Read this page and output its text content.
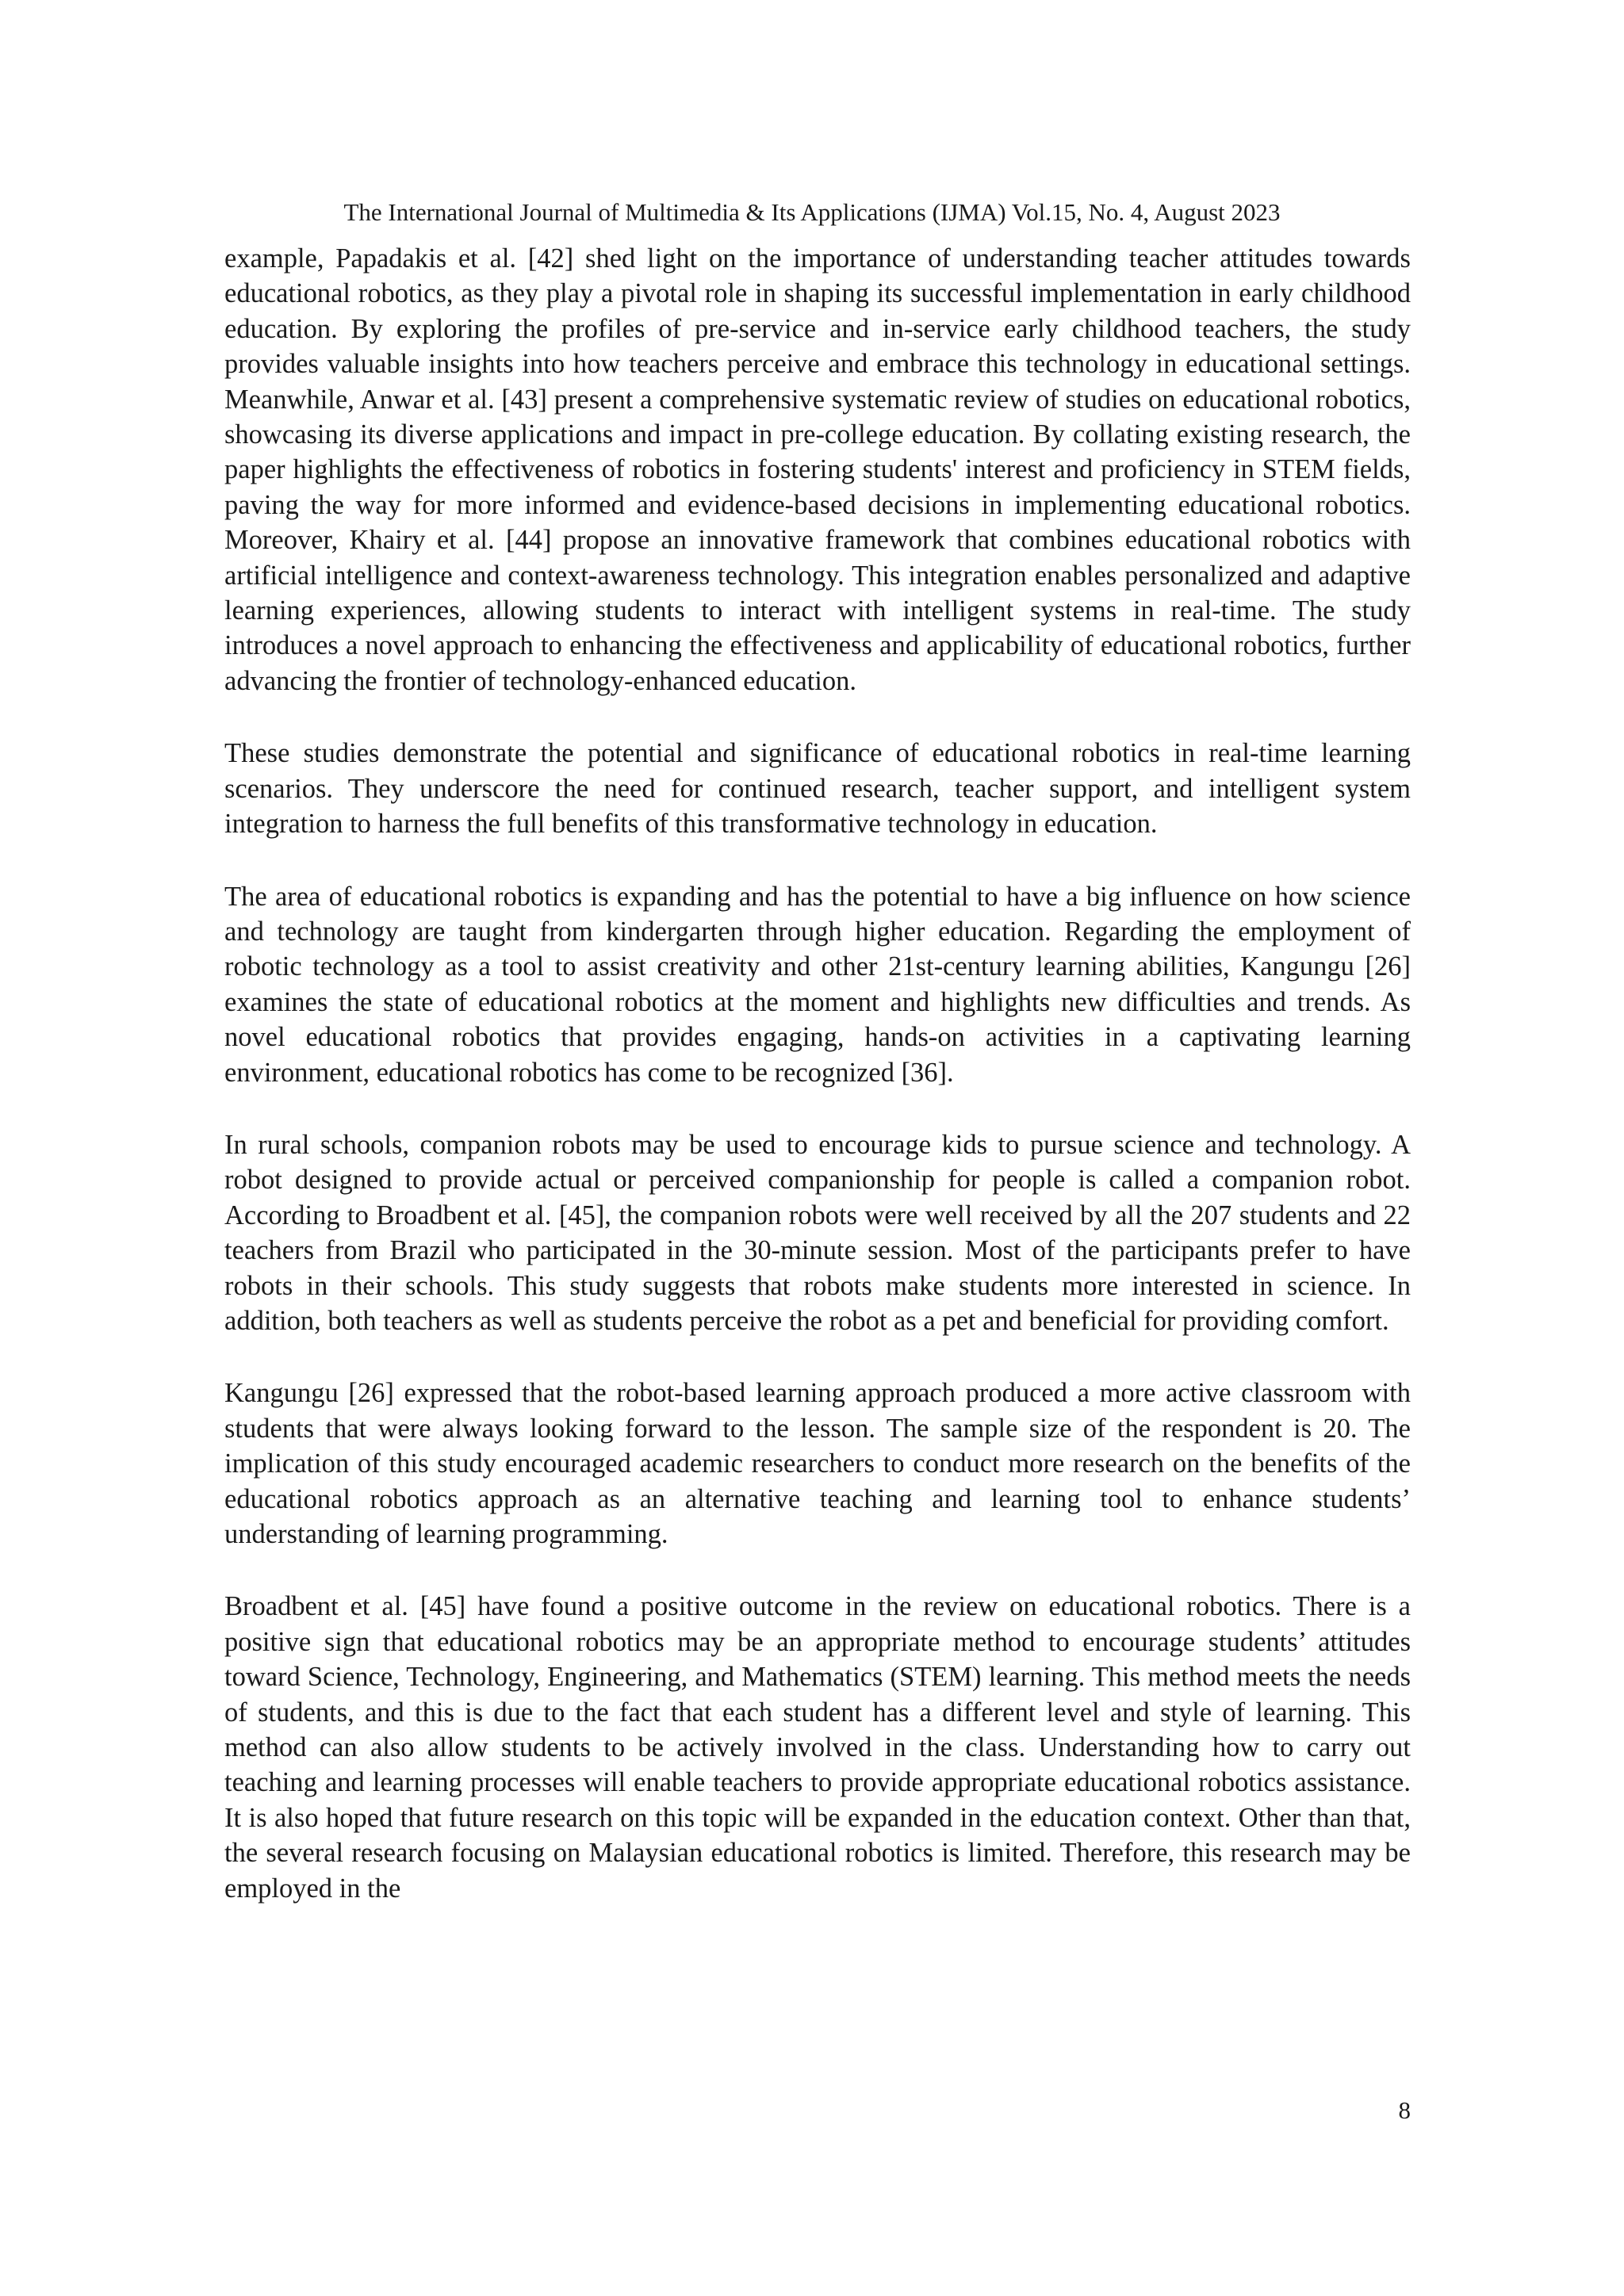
The International Journal of Multimedia & Its Applications (IJMA) Vol.15, No. 4, August 2023

example, Papadakis et al. [42] shed light on the importance of understanding teacher attitudes towards educational robotics, as they play a pivotal role in shaping its successful implementation in early childhood education. By exploring the profiles of pre-service and in-service early childhood teachers, the study provides valuable insights into how teachers perceive and embrace this technology in educational settings. Meanwhile, Anwar et al. [43] present a comprehensive systematic review of studies on educational robotics, showcasing its diverse applications and impact in pre-college education. By collating existing research, the paper highlights the effectiveness of robotics in fostering students' interest and proficiency in STEM fields, paving the way for more informed and evidence-based decisions in implementing educational robotics. Moreover, Khairy et al. [44] propose an innovative framework that combines educational robotics with artificial intelligence and context-awareness technology. This integration enables personalized and adaptive learning experiences, allowing students to interact with intelligent systems in real-time. The study introduces a novel approach to enhancing the effectiveness and applicability of educational robotics, further advancing the frontier of technology-enhanced education.

These studies demonstrate the potential and significance of educational robotics in real-time learning scenarios. They underscore the need for continued research, teacher support, and intelligent system integration to harness the full benefits of this transformative technology in education.

The area of educational robotics is expanding and has the potential to have a big influence on how science and technology are taught from kindergarten through higher education. Regarding the employment of robotic technology as a tool to assist creativity and other 21st-century learning abilities, Kangungu [26] examines the state of educational robotics at the moment and highlights new difficulties and trends. As novel educational robotics that provides engaging, hands-on activities in a captivating learning environment, educational robotics has come to be recognized [36].

In rural schools, companion robots may be used to encourage kids to pursue science and technology. A robot designed to provide actual or perceived companionship for people is called a companion robot. According to Broadbent et al. [45], the companion robots were well received by all the 207 students and 22 teachers from Brazil who participated in the 30-minute session. Most of the participants prefer to have robots in their schools. This study suggests that robots make students more interested in science. In addition, both teachers as well as students perceive the robot as a pet and beneficial for providing comfort.

Kangungu [26] expressed that the robot-based learning approach produced a more active classroom with students that were always looking forward to the lesson. The sample size of the respondent is 20. The implication of this study encouraged academic researchers to conduct more research on the benefits of the educational robotics approach as an alternative teaching and learning tool to enhance students’ understanding of learning programming.

Broadbent et al. [45] have found a positive outcome in the review on educational robotics. There is a positive sign that educational robotics may be an appropriate method to encourage students’ attitudes toward Science, Technology, Engineering, and Mathematics (STEM) learning. This method meets the needs of students, and this is due to the fact that each student has a different level and style of learning. This method can also allow students to be actively involved in the class. Understanding how to carry out teaching and learning processes will enable teachers to provide appropriate educational robotics assistance. It is also hoped that future research on this topic will be expanded in the education context. Other than that, the several research focusing on Malaysian educational robotics is limited. Therefore, this research may be employed in the

8
